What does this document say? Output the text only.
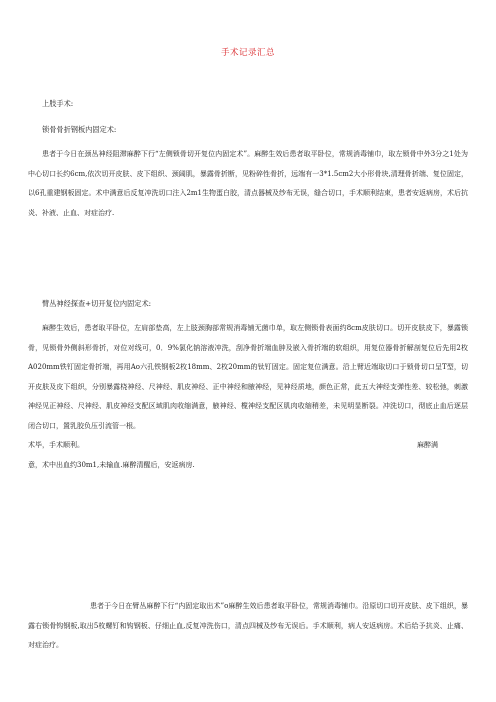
手术记录汇总
上肢手术:
锁骨骨折钢板内固定术:

患者于今日在颈丛神经阻滞麻醉下行“左侧锁骨切开复位内固定术”。麻醉生效后患者取平卧位，常规消毒铺巾，取左锁骨中外3分之1处为中心切口长约6cm,依次切开皮肤、皮下组织、颈阔肌，暴露骨折断，见粉碎性骨折，远端有一3*1.5cm2大小形骨块,清理骨折端、复位固定，以6孔重建钢板固定。术中满意后反复冲洗切口注入2m1生物蛋白胶，清点器械及纱布无误，缝合切口，手术顺利结束，患者安返病房，术后抗炎、补液、止血、对症治疗.

臂丛神经探查+切开复位内固定术:

麻醉生效后，患者取平卧位，左肩部垫高，左上肢颈胸部常规消毒铺无菌巾单，取左侧锁骨表面约8cm皮肤切口。切开皮肤皮下，暴露锁骨，见锁骨外侧斜形骨折，对位对线可，0．9%氯化钠溶液冲洗，刮净骨折端血肿及嵌入骨折端的软组织，用复位器骨折解剖复位后先用2枚A020mm铁钉固定骨折端，再用Ao六孔铁钢板2枚18mm、2枚20mm的钛钉固定。固定复位满意。沿上臂近端取切口于锁骨切口呈T型，切开皮肤及皮下组织，分别暴露桡神经、尺神经、肌皮神经、正中神经和腋神经，见神经质地，颜色正常，此五大神经支弹性差、较松弛，刺激神经见正神经、尺神经、肌皮神经支配区域肌肉收缩满意，腋神经、榄神经支配区肌肉收缩稍差，未见明显断裂。冲洗切口，彻底止血后逐层闭合切口，置乳胶负压引流管一根。

术毕，手术顺利。	麻醉满

意，术中出血约30m1,未输血.麻醉清醒后，安返病房.

患者于今日在臂丛麻醉下行“内固定取出术”o麻醉生效后患者取平卧位，常规消毒铺巾。沿原切口切开皮肤、皮下组织，暴露右锁骨钩钢板,取出5枚螺钉和钩钢板、仔细止血,反复冲洗伤口，清点四械及纱布无误后。手术顺利，病人安返病房。术后给予抗炎、止痛、对症治疗。
